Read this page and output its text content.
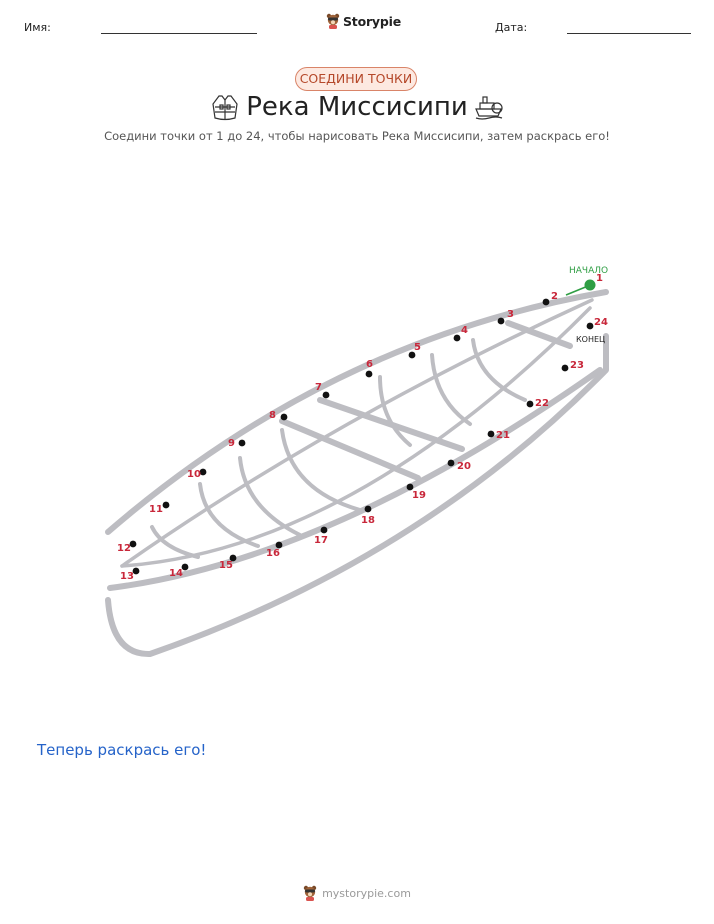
Имя:	Storypie	Дата:
СОЕДИНИ ТОЧКИ
Река Миссисипи
Соедини точки от 1 до 24, чтобы нарисовать Река Миссисипи, затем раскрась его!
НАЧАЛО
КОНЕЦ
1
2
3
4
5
6
7
8
9
10
11
12
13	14
15
16
17
18
19
20
21
22
23
24
Теперь раскрась его!
mystorypie.com
